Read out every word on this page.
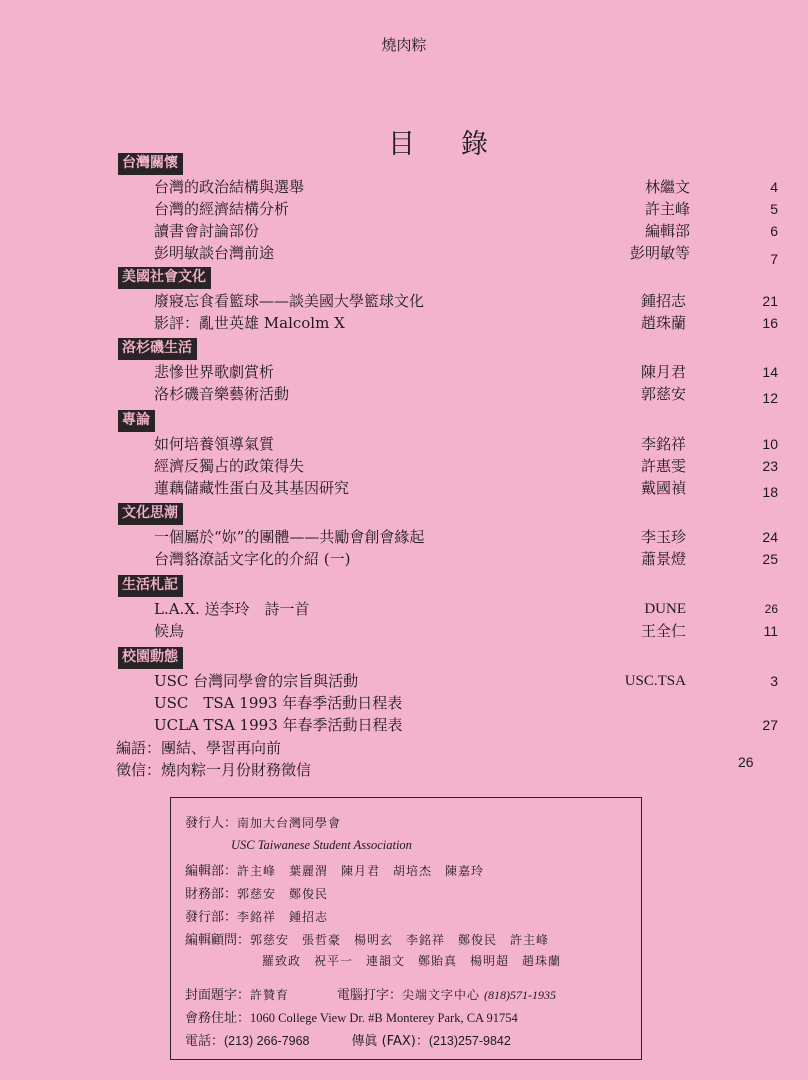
燒肉粽
目錄
台灣關懷
台灣的政治結構與選舉	林繼文	4
台灣的經濟結構分析	許主峰	5
讀書會討論部份	編輯部	6
彭明敏談台灣前途	彭明敏等	7
美國社會文化
廢寢忘食看籃球——談美國大學籃球文化	鍾招志	21
影評：亂世英雄 Malcolm X	趙珠蘭	16
洛杉磯生活
悲慘世界歌劇賞析	陳月君	14
洛杉磯音樂藝術活動	郭慈安	12
專論
如何培養領導氣質	李銘祥	10
經濟反獨占的政策得失	許惠雯	23
蓮藕儲藏性蛋白及其基因研究	戴國禎	18
文化思潮
一個屬於“妳”的團體——共勵會創會緣起	李玉珍	24
台灣貉潦話文字化的介紹 (一)	蕭景燈	25
生活札記
L.A.X. 送李玲　詩一首	DUNE	26
候鳥	王全仁	11
校園動態
USC 台灣同學會的宗旨與活動	USC.TSA	3
USC　TSA 1993 年春季活動日程表
UCLA TSA 1993 年春季活動日程表	27
編語：團結、學習再向前
徵信：燒肉粽一月份財務徵信	26
發行人：南加大台灣同學會
USC Taiwanese Student Association
編輯部：許主峰　葉麗渭　陳月君　胡培杰　陳嘉玲
財務部：郭慈安　鄭俊民
發行部：李銘祥　鍾招志
編輯顧問：郭慈安　張哲豪　楊明玄　李銘祥　鄭俊民　許主峰
羅致政　祝平一　連韻文　鄭貽真　楊明超　趙珠蘭
封面題字：許贊育	電腦打字：尖端文字中心 (818)571-1935
會務住址：1060 College View Dr. #B Monterey Park, CA 91754
電話：(213) 266-7968	傳眞 (FAX)：(213)257-9842
